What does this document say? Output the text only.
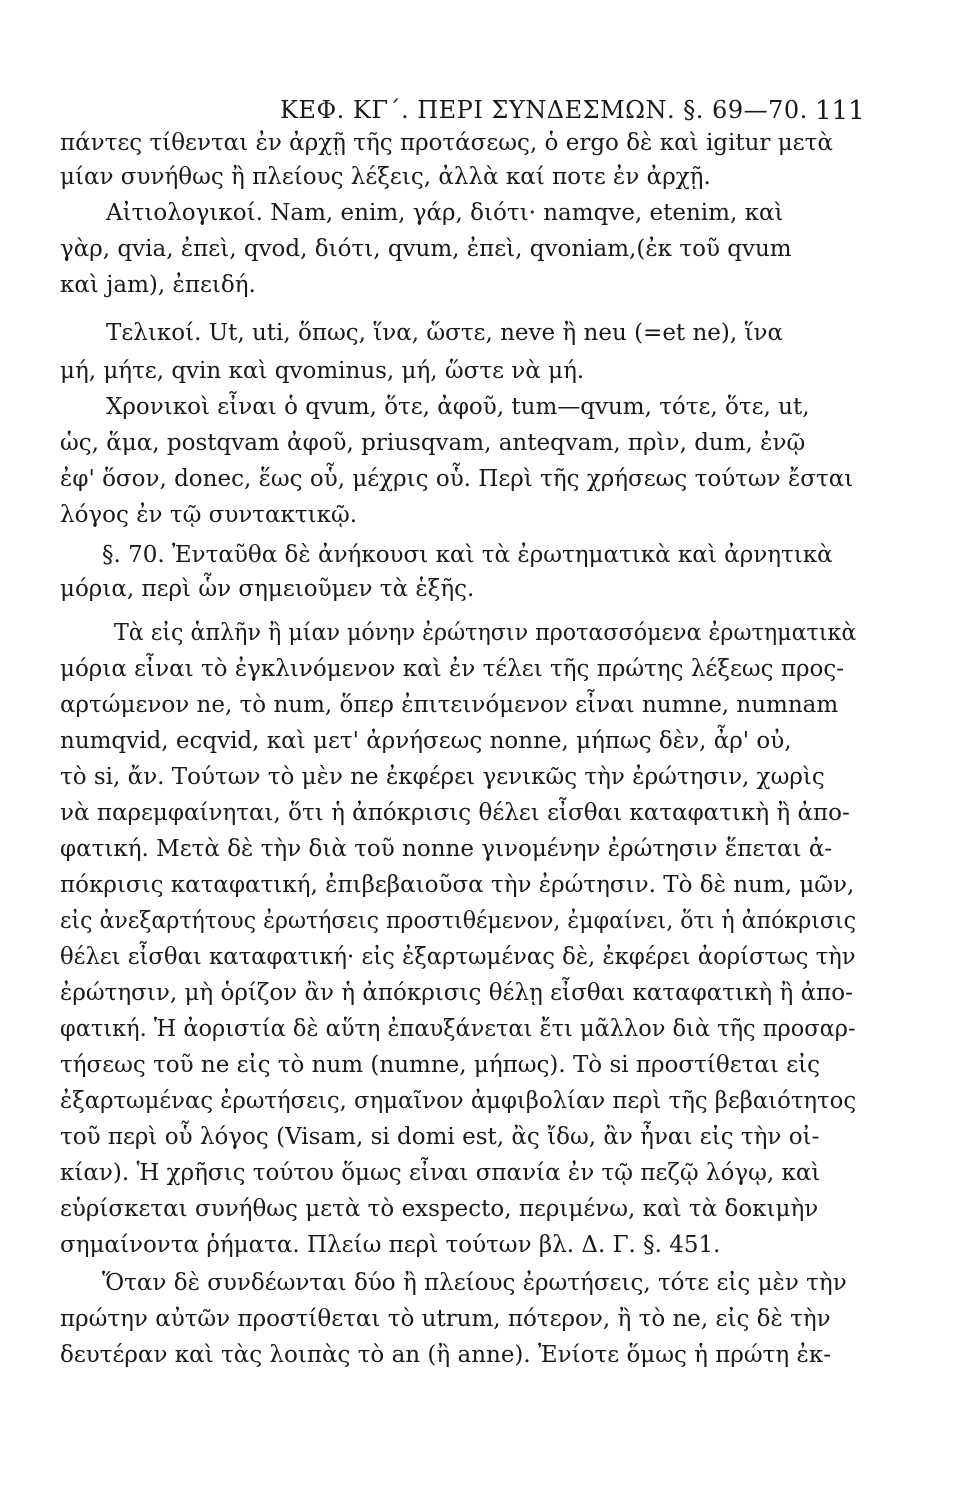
ΚΕΦ. ΚΓ΄. ΠΕΡΙ ΣΥΝΔΕΣΜΩΝ. §. 69—70. 111
πάντες τίθενται ἐν ἀρχῇ τῆς προτάσεως, ὁ ergo δὲ καὶ igitur μετὰ
μίαν συνήθως ἢ πλείους λέξεις, ἀλλὰ καί ποτε ἐν ἀρχῇ.
Αἰτιολογικοί. Nam, enim, γάρ, διότι· namqve, etenim, καὶ
γὰρ, qvia, ἐπεὶ, qvod, διότι, qvum, ἐπεὶ, qvoniam,(ἐκ τοῦ qvum
καὶ jam), ἐπειδή.
Τελικοί. Ut, uti, ὅπως, ἵνα, ὥστε, neve ἢ neu (=et ne), ἵνα
μή, μήτε, qvin καὶ qvominus, μή, ὥστε νὰ μή.
Χρονικοὶ εἶναι ὁ qvum, ὅτε, ἀφοῦ, tum—qvum, τότε, ὅτε, ut,
ὡς, ἅμα, postqvam ἀφοῦ, priusqvam, anteqvam, πρὶν, dum, ἐνῷ
ἐφ' ὅσον, donec, ἕως οὗ, μέχρις οὗ. Περὶ τῆς χρήσεως τούτων ἔσται
λόγος ἐν τῷ συντακτικῷ.
§. 70. Ἐνταῦθα δὲ ἀνήκουσι καὶ τὰ ἐρωτηματικὰ καὶ ἀρνητικὰ
μόρια, περὶ ὧν σημειοῦμεν τὰ ἑξῆς.
Τὰ εἰς ἁπλῆν ἢ μίαν μόνην ἐρώτησιν προτασσόμενα ἐρωτηματικὰ
μόρια εἶναι τὸ ἐγκλινόμενον καὶ ἐν τέλει τῆς πρώτης λέξεως προς-
αρτώμενον ne, τὸ num, ὅπερ ἐπιτεινόμενον εἶναι numne, numnam
numqvid, ecqvid, καὶ μετ' ἀρνήσεως nonne, μήπως δὲν, ἆρ' οὐ,
τὸ si, ἄν. Τούτων τὸ μὲν ne ἐκφέρει γενικῶς τὴν ἐρώτησιν, χωρὶς
νὰ παρεμφαίνηται, ὅτι ἡ ἀπόκρισις θέλει εἶσθαι καταφατικὴ ἢ ἀπο-
φατική. Μετὰ δὲ τὴν διὰ τοῦ nonne γινομένην ἐρώτησιν ἕπεται ἀ-
πόκρισις καταφατική, ἐπιβεβαιοῦσα τὴν ἐρώτησιν. Τὸ δὲ num, μῶν,
εἰς ἀνεξαρτήτους ἐρωτήσεις προστιθέμενον, ἐμφαίνει, ὅτι ἡ ἀπόκρισις
θέλει εἶσθαι καταφατική· εἰς ἐξαρτωμένας δὲ, ἐκφέρει ἀορίστως τὴν
ἐρώτησιν, μὴ ὁρίζον ἂν ἡ ἀπόκρισις θέλῃ εἶσθαι καταφατικὴ ἢ ἀπο-
φατική. Ἡ ἀοριστία δὲ αὕτη ἐπαυξάνεται ἔτι μᾶλλον διὰ τῆς προσαρ-
τήσεως τοῦ ne εἰς τὸ num (numne, μήπως). Τὸ si προστίθεται εἰς
ἐξαρτωμένας ἐρωτήσεις, σημαῖνον ἀμφιβολίαν περὶ τῆς βεβαιότητος
τοῦ περὶ οὗ λόγος (Visam, si domi est, ἂς ἴδω, ἂν ἦναι εἰς τὴν οἰ-
κίαν). Ἡ χρῆσις τούτου ὅμως εἶναι σπανία ἐν τῷ πεζῷ λόγῳ, καὶ
εὑρίσκεται συνήθως μετὰ τὸ exspecto, περιμένω, καὶ τὰ δοκιμὴν
σημαίνοντα ῥήματα. Πλείω περὶ τούτων βλ. Δ. Γ. §. 451.
Ὅταν δὲ συνδέωνται δύο ἢ πλείους ἐρωτήσεις, τότε εἰς μὲν τὴν
πρώτην αὐτῶν προστίθεται τὸ utrum, πότερον, ἢ τὸ ne, εἰς δὲ τὴν
δευτέραν καὶ τὰς λοιπὰς τὸ an (ἢ anne). Ἐνίοτε ὅμως ἡ πρώτη ἐκ-
